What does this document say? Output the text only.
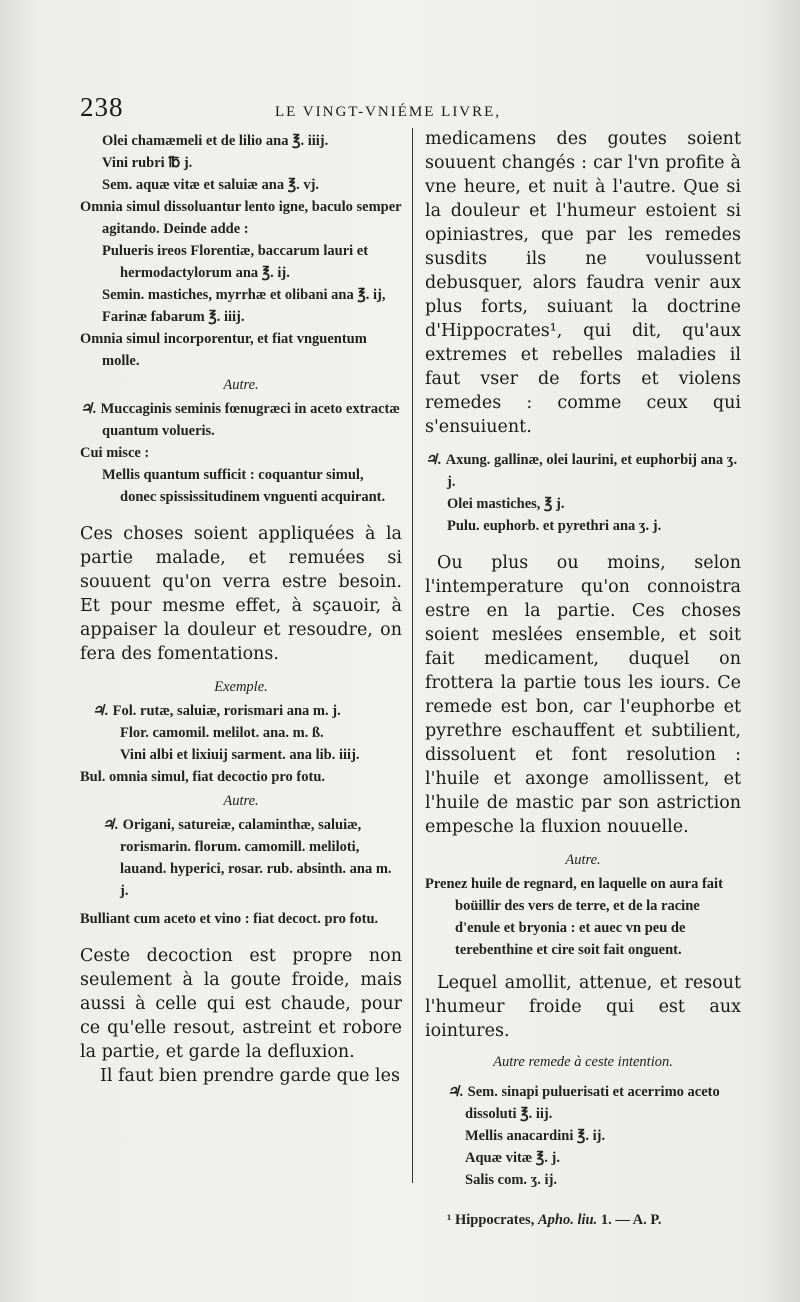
238	LE VINGT-VNIÉME LIVRE,
Olei chamæmeli et de lilio ana ℥. iiij.
Vini rubri ℔ j.
Sem. aquæ vitæ et saluiæ ana ℥. vj.
Omnia simul dissoluantur lento igne, baculo semper agitando. Deinde adde :
Pulueris ireos Florentiæ, baccarum lauri et hermodactylorum ana ℥. ij.
Semin. mastiches, myrrhæ et olibani ana ℥. ij,
Farinæ fabarum ℥. iiij.
Omnia simul incorporentur, et fiat vnguentum molle.
Autre.
♃. Muccaginis seminis fœnugræci in aceto extractæ quantum volueris.
Cui misce :
Mellis quantum sufficit : coquantur simul, donec spississitudinem vnguenti acquirant.
Ces choses soient appliquées à la partie malade, et remuées si souuent qu'on verra estre besoin. Et pour mesme effet, à sçauoir, à appaiser la douleur et resoudre, on fera des fomentations.
Exemple.
♃. Fol. rutæ, saluiæ, rorismari ana m. j.
Flor. camomil. melilot. ana. m. ß.
Vini albi et lixiuij sarment. ana lib. iiij.
Bul. omnia simul, fiat decoctio pro fotu.
Autre.
♃. Origani, satureiæ, calaminthæ, saluiæ, rorismarin. florum. camomill. meliloti, lauand. hyperici, rosar. rub. absinth. ana m. j.
Bulliant cum aceto et vino : fiat decoct. pro fotu.
Ceste decoction est propre non seulement à la goute froide, mais aussi à celle qui est chaude, pour ce qu'elle resout, astreint et robore la partie, et garde la defluxion.
Il faut bien prendre garde que les
medicamens des goutes soient souuent changés : car l'vn profite à vne heure, et nuit à l'autre. Que si la douleur et l'humeur estoient si opiniastres, que par les remedes susdits ils ne voulussent debusquer, alors faudra venir aux plus forts, suiuant la doctrine d'Hippocrates¹, qui dit, qu'aux extremes et rebelles maladies il faut vser de forts et violens remedes : comme ceux qui s'ensuiuent.
♃. Axung. gallinæ, olei laurini, et euphorbij ana ʒ. j.
Olei mastiches, ℥ j.
Pulu. euphorb. et pyrethri ana ʒ. j.
Ou plus ou moins, selon l'intemperature qu'on connoistra estre en la partie. Ces choses soient meslées ensemble, et soit fait medicament, duquel on frottera la partie tous les iours. Ce remede est bon, car l'euphorbe et pyrethre eschauffent et subtilient, dissoluent et font resolution : l'huile et axonge amollissent, et l'huile de mastic par son astriction empesche la fluxion nouuelle.
Autre.
Prenez huile de regnard, en laquelle on aura fait boüillir des vers de terre, et de la racine d'enule et bryonia : et auec vn peu de terebenthine et cire soit fait onguent.
Lequel amollit, attenue, et resout l'humeur froide qui est aux iointures.
Autre remede à ceste intention.
♃. Sem. sinapi puluerisati et acerrimo aceto dissoluti ℥. iij.
Mellis anacardini ℥. ij.
Aquæ vitæ ℥. j.
Salis com. ʒ. ij.
¹ Hippocrates, Apho. liu. 1. — A. P.
